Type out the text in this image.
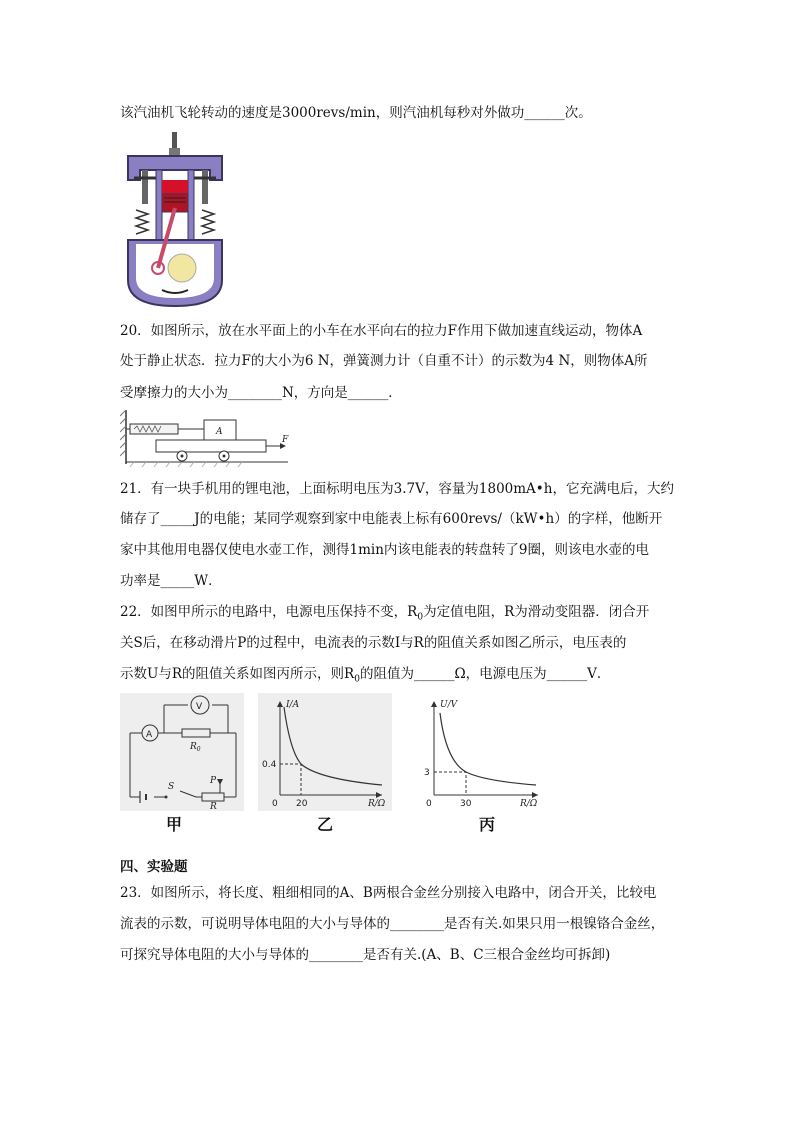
该汽油机飞轮转动的速度是3000revs/min，则汽油机每秒对外做功______次。
20．如图所示，放在水平面上的小车在水平向右的拉力F作用下做加速直线运动，物体A
处于静止状态．拉力F的大小为6 N，弹簧测力计（自重不计）的示数为4 N，则物体A所
受摩擦力的大小为________N，方向是______．
A
F
21．有一块手机用的锂电池，上面标明电压为3.7V，容量为1800mA•h，它充满电后，大约
储存了_____J的电能；某同学观察到家中电能表上标有600revs/（kW•h）的字样，他断开
家中其他用电器仅使电水壶工作，测得1min内该电能表的转盘转了9圈，则该电水壶的电
功率是_____W．
22．如图甲所示的电路中，电源电压保持不变，$R_0$为定值电阻，R为滑动变阻器．闭合开
关S后，在移动滑片P的过程中，电流表的示数I与R的阻值关系如图乙所示，电压表的
示数U与R的阻值关系如图丙所示，则$R_0$的阻值为______Ω，电源电压为______V．
A
V
$R_0$
S
P
R
I/A
R/Ω
0
0.4
20
U/V
R/Ω
0
3
30
甲	乙	丙
四、实验题
23．如图所示，将长度、粗细相同的A、B两根合金丝分别接入电路中，闭合开关，比较电
流表的示数，可说明导体电阻的大小与导体的________是否有关.如果只用一根镍铬合金丝，
可探究导体电阻的大小与导体的________是否有关.(A、B、C三根合金丝均可拆卸)
